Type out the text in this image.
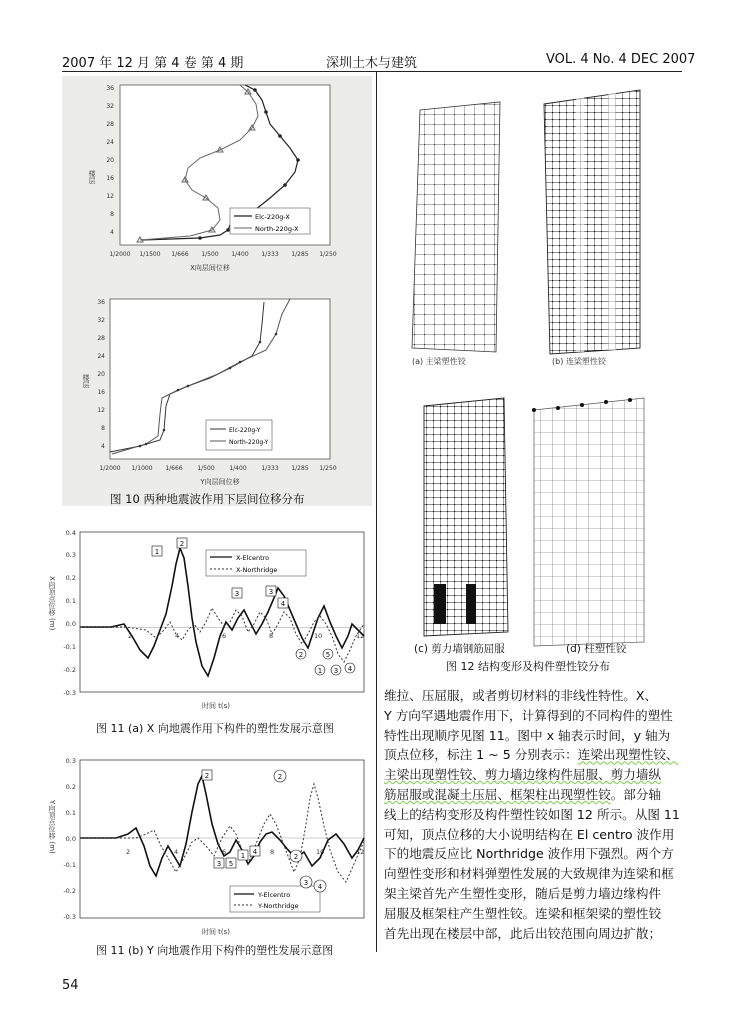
2007 年 12 月 第 4 卷 第 4 期	深圳土木与建筑	VOL. 4 No. 4 DEC 2007
36
32
28
24
20
16
12
8
4
1/2000 1/1500 1/666 1/500 1/400 1/333 1/285 1/250
楼层
X向层间位移
Elc-220g-X
North-220g-X
36
32
28
24
20
16
12
8
4
1/2000 1/1000 1/666 1/500 1/400 1/333 1/285 1/250
楼层
Y向层间位移
Elc-220g-Y
North-220g-Y
图 10 两种地震波作用下层间位移分布
0.4
0.3
0.2
0.1
0.0
-0.1
-0.2
-0.3
2	4	6	8	10	12
X向顶点位移 (m)
时间 t(s)
X-Elcentro
X-Northridge
1
2
3	3
4
2	5
1 3 4
图 11 (a) X 向地震作用下构件的塑性发展示意图
0.3
0.2
0.1
0.0
-0.1
-0.2
-0.3
2	4	6	8	10	12
Y向顶点位移 (m)
时间 t(s)
Y-Elcentro
Y-Northridge
2	2
3 5
1 4
2
3 4
图 11 (b) Y 向地震作用下构件的塑性发展示意图
(a) 主梁塑性铰	(b) 连梁塑性铰
(c) 剪力墙钢筋屈服	(d) 柱塑性铰
图 12 结构变形及构件塑性铰分布
维拉、压屈服，或者剪切材料的非线性特性。X、
Y 方向罕遇地震作用下，计算得到的不同构件的塑性
特性出现顺序见图 11。图中 x 轴表示时间，y 轴为
顶点位移，标注 1 ~ 5 分别表示：连梁出现塑性铰、
主梁出现塑性铰、剪力墙边缘构件屈服、剪力墙纵
筋屈服或混凝土压屈、框架柱出现塑性铰。部分轴
线上的结构变形及构件塑性铰如图 12 所示。从图 11
可知，顶点位移的大小说明结构在 El centro 波作用
下的地震反应比 Northridge 波作用下强烈。两个方
向塑性变形和材料弹塑性发展的大致规律为连梁和框
架主梁首先产生塑性变形，随后是剪力墙边缘构件
屈服及框架柱产生塑性铰。连梁和框架梁的塑性铰
首先出现在楼层中部，此后出铰范围向周边扩散；
54
